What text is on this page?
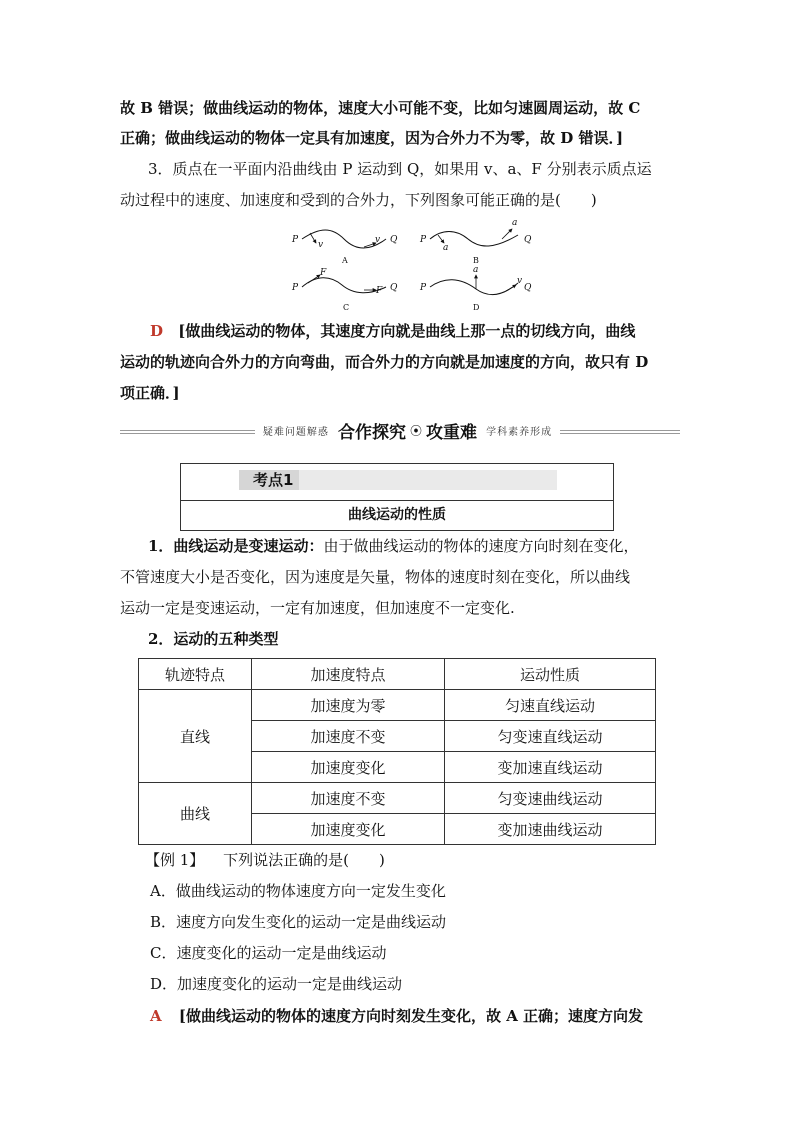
故 B 错误；做曲线运动的物体，速度大小可能不变，比如匀速圆周运动，故 C
正确；做曲线运动的物体一定具有加速度，因为合外力不为零，故 D 错误．]
3．质点在一平面内沿曲线由 P 运动到 Q，如果用 v、a、F 分别表示质点运
动过程中的速度、加速度和受到的合外力，下列图象可能正确的是(　　)
P	Q
v	v
A
P	Q
a
a
B
P	Q
F
F
C
P	Q
a
v
D
D [做曲线运动的物体，其速度方向就是曲线上那一点的切线方向，曲线
运动的轨迹向合外力的方向弯曲，而合外力的方向就是加速度的方向，故只有 D
项正确．]
疑难问题解惑 合作探究 ⦿ 攻重难 学科素养形成
考点1
曲线运动的性质
1．曲线运动是变速运动：由于做曲线运动的物体的速度方向时刻在变化，
不管速度大小是否变化，因为速度是矢量，物体的速度时刻在变化，所以曲线
运动一定是变速运动，一定有加速度，但加速度不一定变化.
2．运动的五种类型
轨迹特点	加速度特点	运动性质
直线	加速度为零	匀速直线运动
	加速度不变	匀变速直线运动
	加速度变化	变加速直线运动
曲线	加速度不变	匀变速曲线运动
	加速度变化	变加速曲线运动
【例 1】 下列说法正确的是(　　)
A．做曲线运动的物体速度方向一定发生变化
B．速度方向发生变化的运动一定是曲线运动
C．速度变化的运动一定是曲线运动
D．加速度变化的运动一定是曲线运动
A [做曲线运动的物体的速度方向时刻发生变化，故 A 正确；速度方向发
